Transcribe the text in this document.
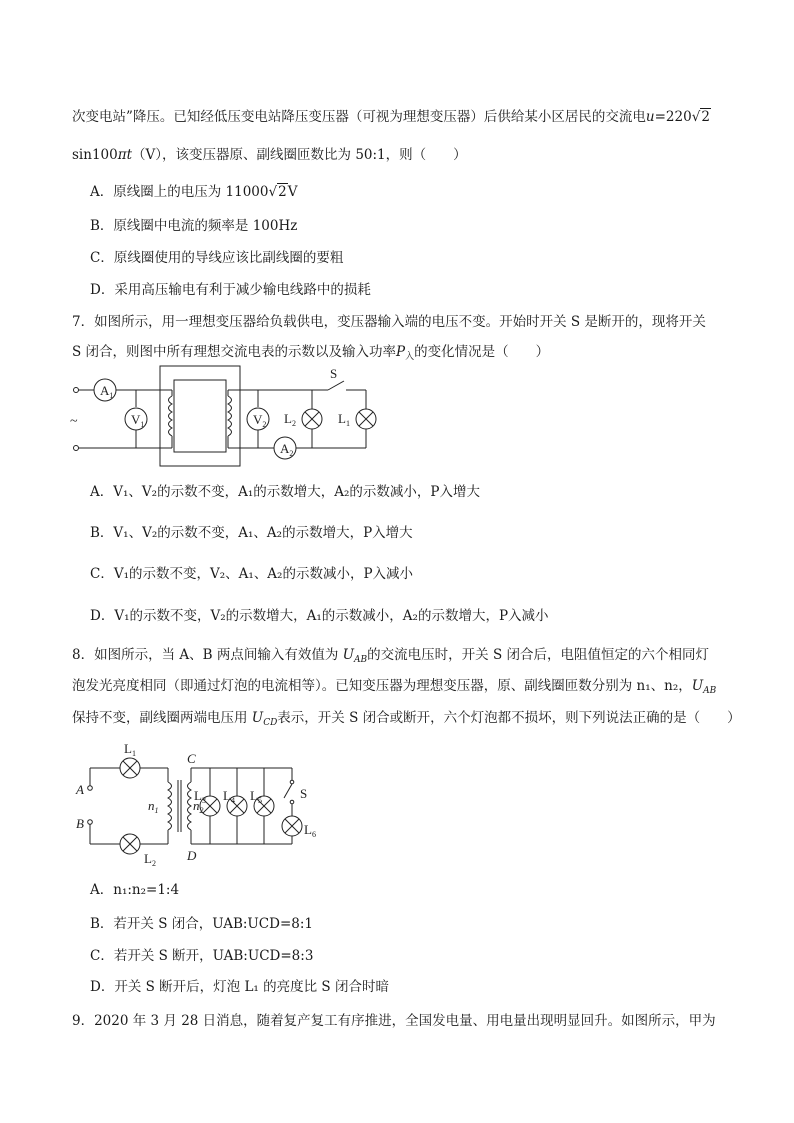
次变电站”降压。已知经低压变电站降压变压器（可视为理想变压器）后供给某小区居民的交流电u=220√2
sin100πt（V），该变压器原、副线圈匝数比为 50:1，则（　　）
A．原线圈上的电压为 11000√2V
B．原线圈中电流的频率是 100Hz
C．原线圈使用的导线应该比副线圈的要粗
D．采用高压输电有利于减少输电线路中的损耗
7．如图所示，用一理想变压器给负载供电，变压器输入端的电压不变。开始时开关 S 是断开的，现将开关
S 闭合，则图中所有理想交流电表的示数以及输入功率$P_入$的变化情况是（　　）
$A_1$
$V_1$	$V_2$
$A_2$
S
$L_2$	$L_1$
~
A．V₁、V₂的示数不变，A₁的示数增大，A₂的示数减小，P入增大
B．V₁、V₂的示数不变，A₁、A₂的示数增大，P入增大
C．V₁的示数不变，V₂、A₁、A₂的示数减小，P入减小
D．V₁的示数不变，V₂的示数增大，A₁的示数减小，A₂的示数增大，P入减小
8．如图所示，当 A、B 两点间输入有效值为 $U_{AB}$的交流电压时，开关 S 闭合后，电阻值恒定的六个相同灯
泡发光亮度相同（即通过灯泡的电流相等）。已知变压器为理想变压器，原、副线圈匝数分别为 n₁、n₂，$U_{AB}$
保持不变，副线圈两端电压用 $U_{CD}$表示，开关 S 闭合或断开，六个灯泡都不损坏，则下列说法正确的是（　　）
$L_1$
$L_2$
$L_3$ $L_4$ $L_5$
$L_6$
A
B
C
D
$n_1$	$n_2$
S
A．n₁:n₂=1:4
B．若开关 S 闭合，UAB:UCD=8:1
C．若开关 S 断开，UAB:UCD=8:3
D．开关 S 断开后，灯泡 L₁ 的亮度比 S 闭合时暗
9．2020 年 3 月 28 日消息，随着复产复工有序推进，全国发电量、用电量出现明显回升。如图所示，甲为
